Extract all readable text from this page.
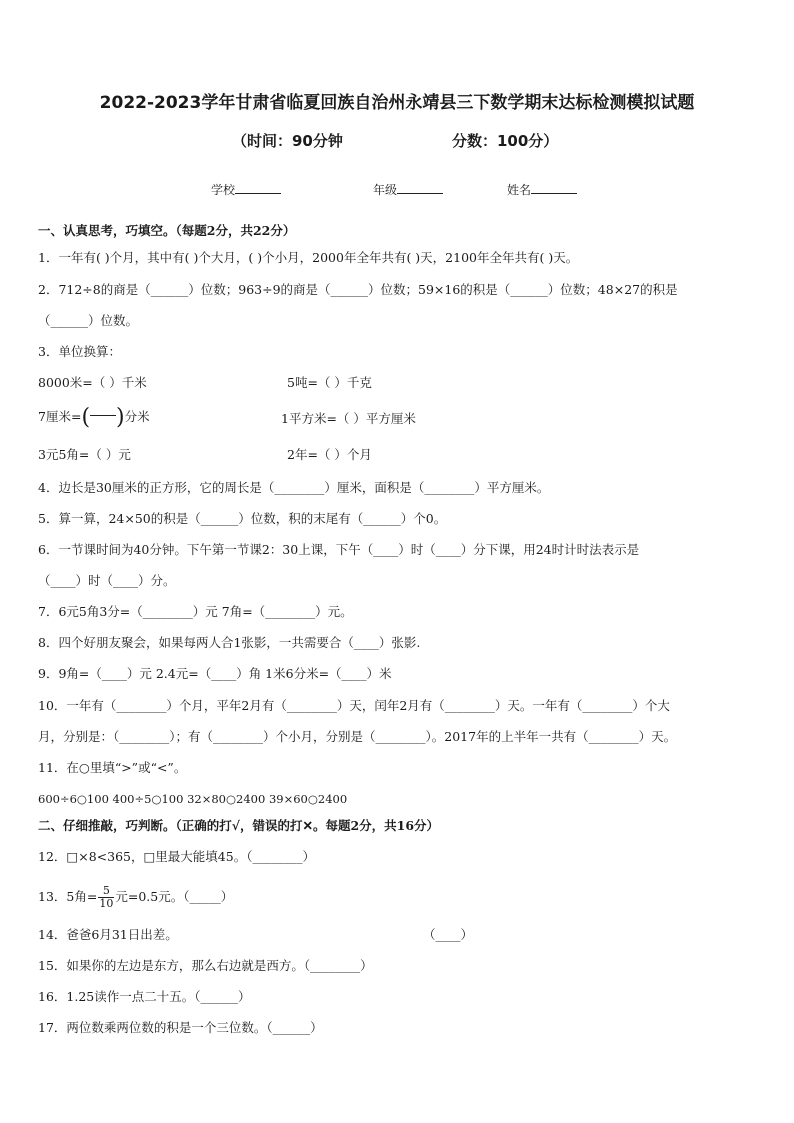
2022-2023学年甘肃省临夏回族自治州永靖县三下数学期末达标检测模拟试题
（时间：90分钟	分数：100分）
学校	年级	姓名
一、认真思考，巧填空。（每题2分，共22分）
1．一年有( )个月，其中有( )个大月，( )个小月，2000年全年共有( )天，2100年全年共有( )天。
2．712÷8的商是（______）位数；963÷9的商是（______）位数；59×16的积是（______）位数；48×27的积是
（______）位数。
3．单位换算：
8000米=（ ）千米	5吨=（ ）千克
7厘米=( )分米	1平方米=（ ）平方厘米
3元5角=（ ）元	2年=（ ）个月
4．边长是30厘米的正方形，它的周长是（________）厘米，面积是（________）平方厘米。
5．算一算，24×50的积是（______）位数，积的末尾有（______）个0。
6．一节课时间为40分钟。下午第一节课2：30上课，下午（____）时（____）分下课，用24时计时法表示是
（____）时（____）分。
7．6元5角3分=（________）元 7角=（________）元。
8．四个好朋友聚会，如果每两人合1张影，一共需要合（____）张影.
9．9角=（____）元 2.4元=（____）角 1米6分米=（____）米
10．一年有（________）个月，平年2月有（________）天，闰年2月有（________）天。一年有（________）个大
月，分别是：（________）；有（________）个小月，分别是（________）。2017年的上半年一共有（________）天。
11．在○里填“>”或“<”。
600÷6○100 400÷5○100 32×80○2400 39×60○2400
二、仔细推敲，巧判断。（正确的打√，错误的打✕。每题2分，共16分）
12．□×8<365，□里最大能填45。（________）
13．5角= $\frac{5}{10}$ 元=0.5元。（_____）
14．爸爸6月31日出差。	（____）
15．如果你的左边是东方，那么右边就是西方。（________）
16．1.25读作一点二十五。（______）
17．两位数乘两位数的积是一个三位数。（______）
